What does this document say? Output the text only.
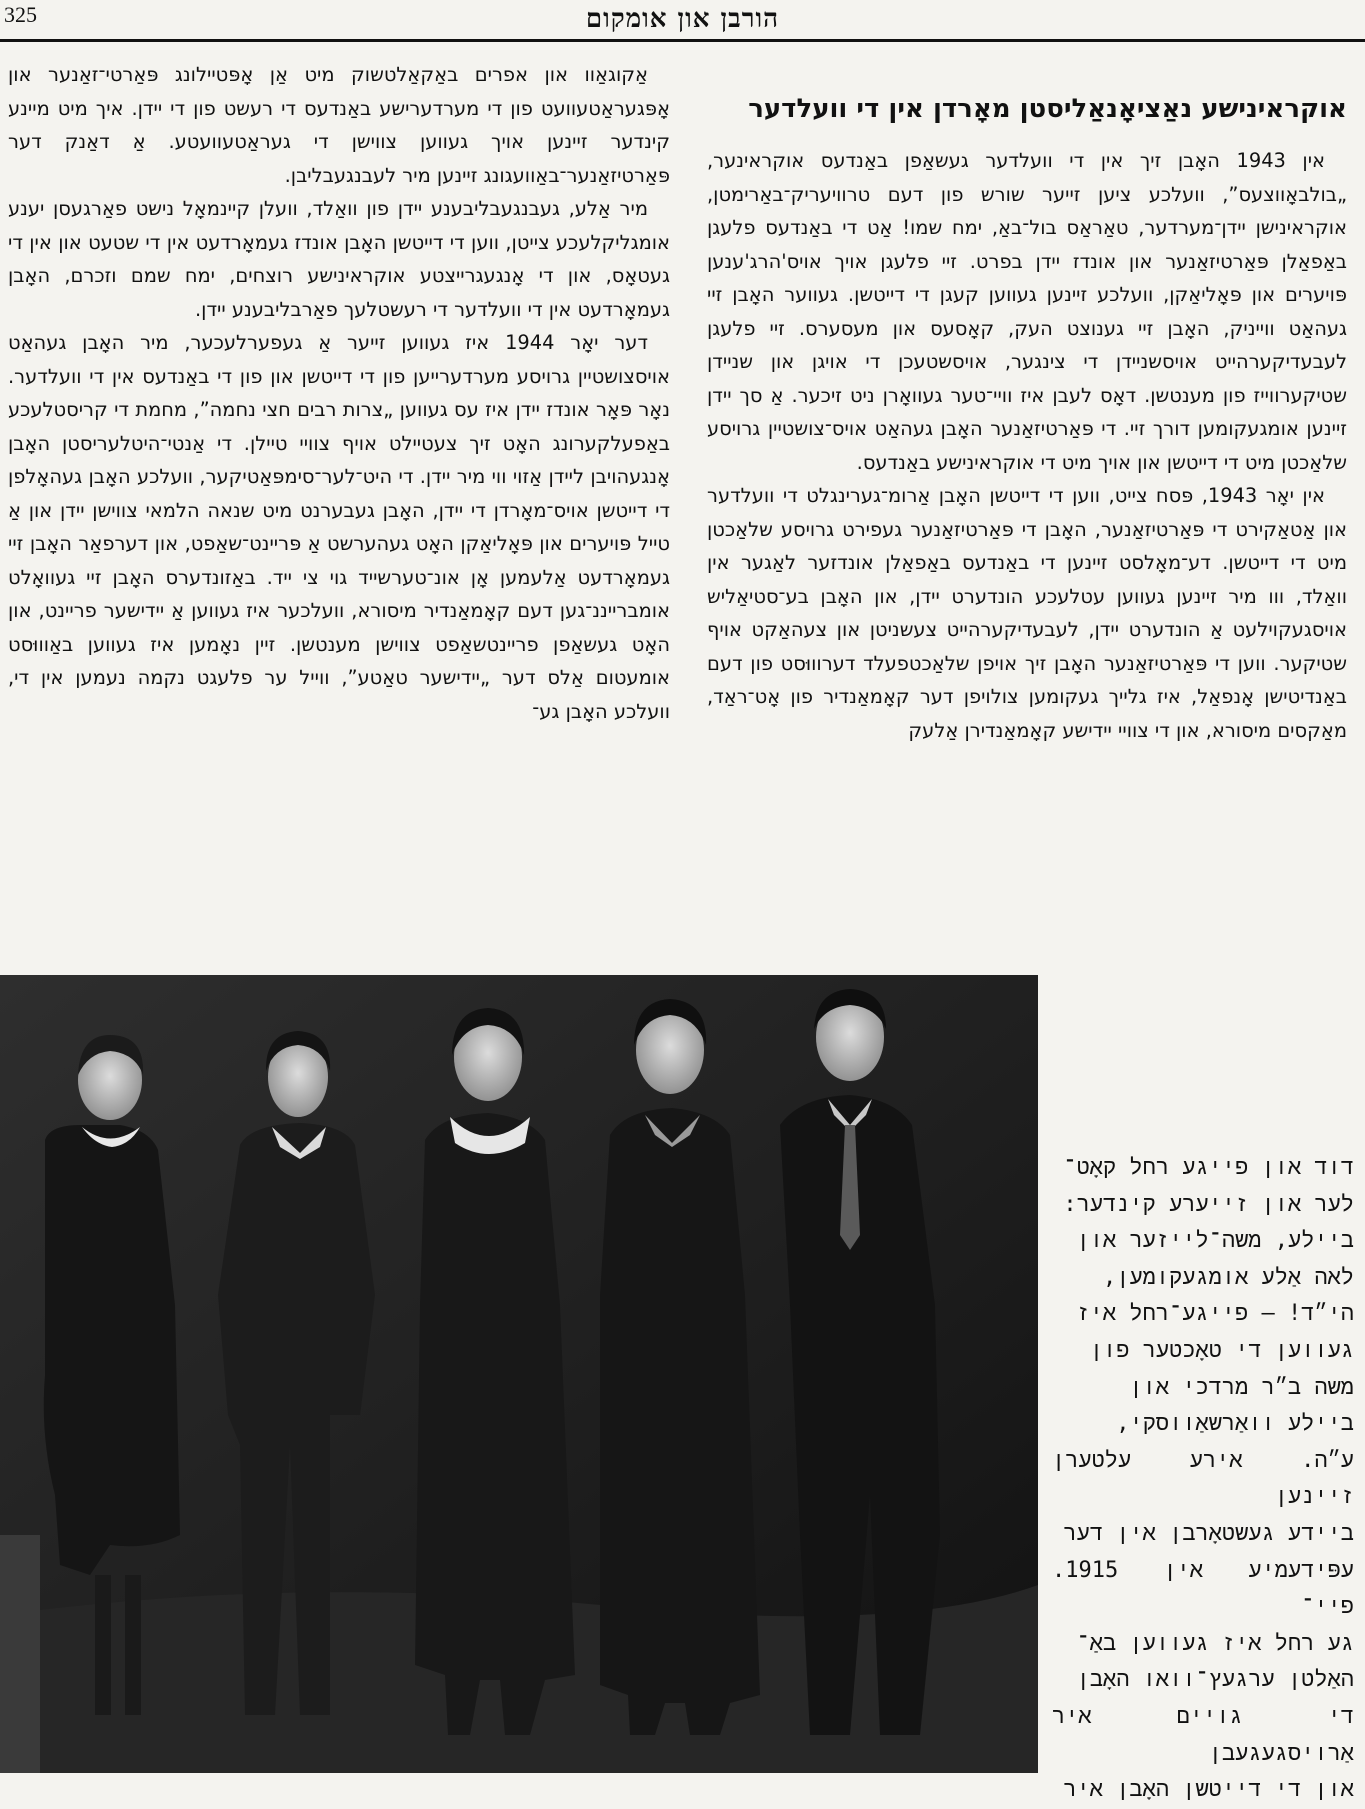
325	הורבן און אומקום
אוקראינישע נאַציאָנאַליסטן מאָרדן אין די וועלדער

אין 1943 האָבן זיך אין די וועלדער געשאַפן באַנדעס אוקראינער, „בולבאָווצעס”, וועלכע ציען זייער שורש פון דעם טרוויעריק־באַרימטן, אוקראינישן יידן־מערדער, טאַראַס בול־באַ, ימח שמו! אַט די באַנדעס פלעגן באַפאַלן פּאַרטיזאַנער און אונדז יידן בפרט. זיי פלעגן אויך אויס'הרג'ענען פּויערים און פּאָליאַקן, וועלכע זיינען געווען קעגן די דייטשן. געווער האָבן זיי געהאַט ווייניק, האָבן זיי גענוצט העק, קאָסעס און מעסערס. זיי פלעגן לעבעדיקערהייט אויסשניידן די צינגער, אויסשטעכן די אויגן און שניידן שטיקערווייז פון מענטשן. דאָס לעבן איז וויי־טער געוואָרן ניט זיכער. אַ סך יידן זיינען אומגעקומען דורך זיי. די פּאַרטיזאַנער האָבן געהאַט אויס־צושטיין גרויסע שלאַכטן מיט די דייטשן און אויך מיט די אוקראינישע באַנדעס.

אין יאָר 1943, פּסח צייט, ווען די דייטשן האָבן אַרומ־גערינגלט די וועלדער און אַטאַקירט די פּאַרטיזאַנער, האָבן די פּאַרטיזאַנער געפירט גרויסע שלאַכטן מיט די דייטשן. דע־מאָלסט זיינען די באַנדעס באַפאַלן אונדזער לאַגער אין וואַלד, ווו מיר זיינען געווען עטלעכע הונדערט יידן, און האָבן בע־סטיאַליש אויסגעקוילעט אַ הונדערט יידן, לעבעדיקערהייט צעשניטן און צעהאַקט אויף שטיקער. ווען די פּאַרטיזאַנער האָבן זיך אויפן שלאַכטפעלד דערוווּסט פון דעם באַנדיטישן אָנפאַל, איז גלייך געקומען צולויפן דער קאָמאַנדיר פון אָט־ראַד, מאַקסים מיסורא, און די צוויי יידישע קאָמאַנדירן אַלעק

אַקוגאַוו און אפרים באַקאַלטשוק מיט אַן אָפּטיילונג פּאַרטי־זאַנער און אָפּגעראַטעוועט פון די מערדערישע באַנדעס די רעשט פון די יידן. איך מיט מיינע קינדער זיינען אויך געווען צווישן די געראַטעוועטע. אַ דאַנק דער פּאַרטיזאַנער־באַוועגונג זיינען מיר לעבנגעבליבן.

מיר אַלע, געבנגעבליבענע יידן פון וואַלד, וועלן קיינמאָל נישט פאַרגעסן יענע אומגליקלעכע צייטן, ווען די דייטשן האָבן אונדז געמאָרדעט אין די שטעט און אין די געטאָס, און די אָנגעגרייצטע אוקראינישע רוצחים, ימח שמם וזכרם, האָבן געמאָרדעט אין די וועלדער די רעשטלעך פאַרבליבענע יידן.

דער יאָר 1944 איז געווען זייער אַ געפערלעכער, מיר האָבן געהאַט אויסצושטיין גרויסע מערדערייען פון די דייטשן און פון די באַנדעס אין די וועלדער. נאָר פּאָר אונדז יידן איז עס געווען „צרות רבים חצי נחמה”, מחמת די קריסטלעכע באַפעלקערונג האָט זיך צעטיילט אויף צוויי טיילן. די אַנטי־היטלעריסטן האָבן אָנגעהויבן ליידן אַזוי ווי מיר יידן. די היט־לער־סימפּאַטיקער, וועלכע האָבן געהאָלפן די דייטשן אויס־מאָרדן די יידן, האָבן געבערנט מיט שנאה הלמאי צווישן יידן און אַ טייל פּויערים און פּאָליאַקן האָט געהערשט אַ פּריינט־שאַפט, און דערפאַר האָבן זיי געמאָרדעט אַלעמען אָן אונ־טערשייד גוי צי ייד. באַזונדערס האָבן זיי געוואָלט אומברייננ־גען דעם קאָמאַנדיר מיסורא, וועלכער איז געווען אַ יידישער פריינט, און האָט געשאַפן פריינטשאַפט צווישן מענטשן. זיין נאָמען איז געווען באַוווּסט אומעטום אַלס דער „יידישער טאַטע”, ווייל ער פלעגט נקמה נעמען אין די, וועלכע האָבן גע־

דוד און פייגע רחל קאָט־
לער און זייערע קינדער:
ביילע, משה־לייזער און
לאה אַלע אומגעקומען,
הי״ד! — פייגע־רחל איז
געווען די טאָכטער פון
משה ב״ר מרדכי און
ביילע וואַרשאַווסקי,
ע״ה. אירע עלטערן זיינען
ביידע געשטאָרבן אין דער
עפּידעמיע אין 1915. פיי־
גע רחל איז געווען באַ־
האַלטן ערגעץ־וואו האָבן
די גויים איר אַרויסגעגעבן
און די דייטשן האָבן איר
